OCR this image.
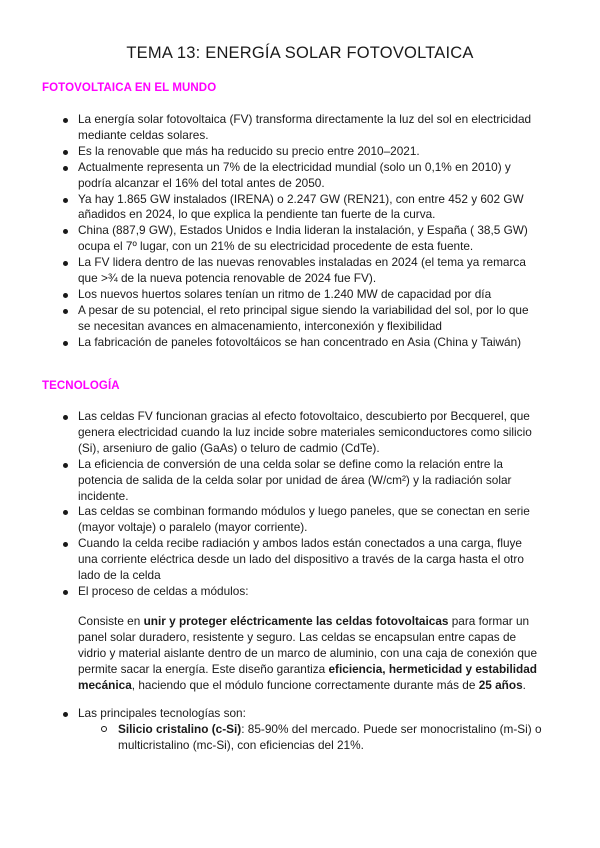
TEMA 13: ENERGÍA SOLAR FOTOVOLTAICA
FOTOVOLTAICA EN EL MUNDO
La energía solar fotovoltaica (FV) transforma directamente la luz del sol en electricidad mediante celdas solares.
Es la renovable que más ha reducido su precio entre 2010–2021.
Actualmente representa un 7% de la electricidad mundial (solo un 0,1% en 2010) y podría alcanzar el 16% del total antes de 2050.
Ya hay 1.865 GW instalados (IRENA) o 2.247 GW (REN21), con entre 452 y 602 GW añadidos en 2024, lo que explica la pendiente tan fuerte de la curva.
China (887,9 GW), Estados Unidos e India lideran la instalación, y España ( 38,5 GW) ocupa el 7º lugar, con un 21% de su electricidad procedente de esta fuente.
La FV lidera dentro de las nuevas renovables instaladas en 2024 (el tema ya remarca que >¾ de la nueva potencia renovable de 2024 fue FV).
Los nuevos huertos solares tenían un ritmo de 1.240 MW de capacidad por día
A pesar de su potencial, el reto principal sigue siendo la variabilidad del sol, por lo que se necesitan avances en almacenamiento, interconexión y flexibilidad
La fabricación de paneles fotovoltáicos se han concentrado en Asia (China y Taiwán)
TECNOLOGÍA
Las celdas FV funcionan gracias al efecto fotovoltaico, descubierto por Becquerel, que genera electricidad cuando la luz incide sobre materiales semiconductores como silicio (Si), arseniuro de galio (GaAs) o teluro de cadmio (CdTe).
La eficiencia de conversión de una celda solar se define como la relación entre la potencia de salida de la celda solar por unidad de área (W/cm²) y la radiación solar incidente.
Las celdas se combinan formando módulos y luego paneles, que se conectan en serie (mayor voltaje) o paralelo (mayor corriente).
Cuando la celda recibe radiación y ambos lados están conectados a una carga, fluye una corriente eléctrica desde un lado del dispositivo a través de la carga hasta el otro lado de la celda
El proceso de celdas a módulos:

Consiste en unir y proteger eléctricamente las celdas fotovoltaicas para formar un panel solar duradero, resistente y seguro. Las celdas se encapsulan entre capas de vidrio y material aislante dentro de un marco de aluminio, con una caja de conexión que permite sacar la energía. Este diseño garantiza eficiencia, hermeticidad y estabilidad mecánica, haciendo que el módulo funcione correctamente durante más de 25 años.

Las principales tecnologías son:

Silicio cristalino (c-Si): 85-90% del mercado. Puede ser monocristalino (m-Si) o multicristalino (mc-Si), con eficiencias del 21%.
